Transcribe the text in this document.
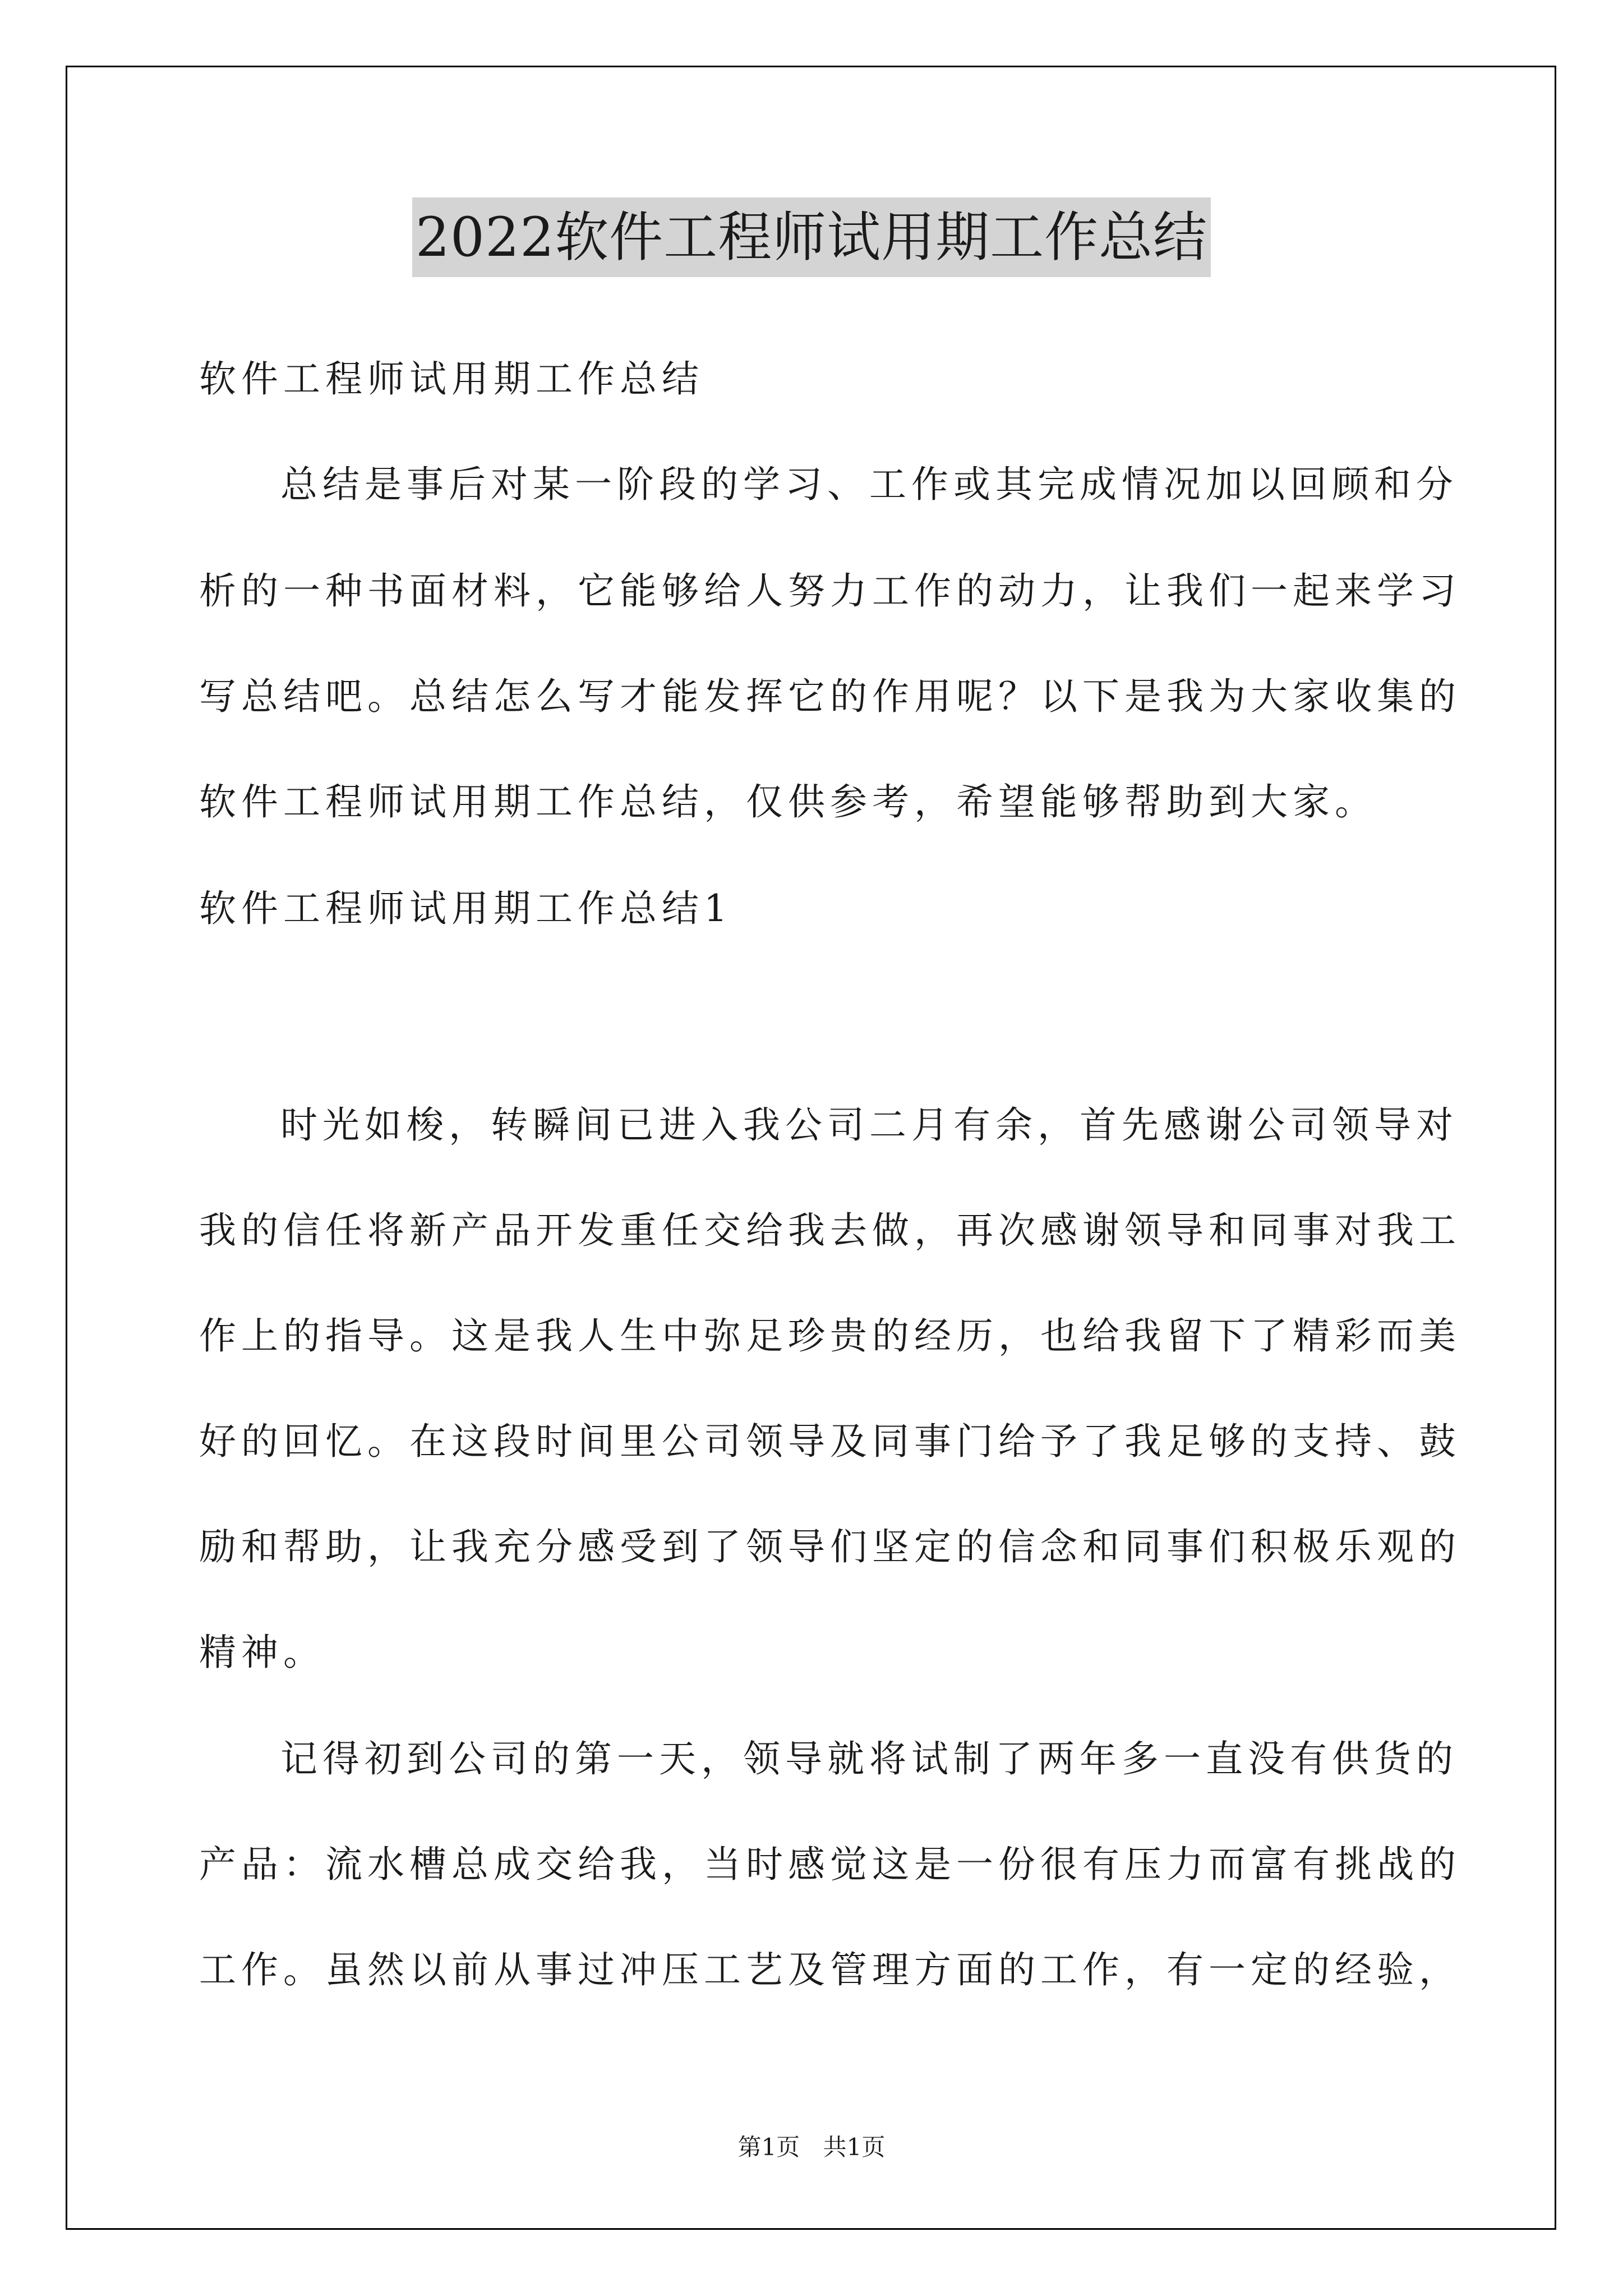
2022软件工程师试用期工作总结
软件工程师试用期工作总结
总结是事后对某一阶段的学习、工作或其完成情况加以回顾和分
析的一种书面材料，它能够给人努力工作的动力，让我们一起来学习
写总结吧。总结怎么写才能发挥它的作用呢？以下是我为大家收集的
软件工程师试用期工作总结，仅供参考，希望能够帮助到大家。
软件工程师试用期工作总结1
时光如梭，转瞬间已进入我公司二月有余，首先感谢公司领导对
我的信任将新产品开发重任交给我去做，再次感谢领导和同事对我工
作上的指导。这是我人生中弥足珍贵的经历，也给我留下了精彩而美
好的回忆。在这段时间里公司领导及同事门给予了我足够的支持、鼓
励和帮助，让我充分感受到了领导们坚定的信念和同事们积极乐观的
精神。
记得初到公司的第一天，领导就将试制了两年多一直没有供货的
产品：流水槽总成交给我，当时感觉这是一份很有压力而富有挑战的
工作。虽然以前从事过冲压工艺及管理方面的工作，有一定的经验，
第1页 共1页
